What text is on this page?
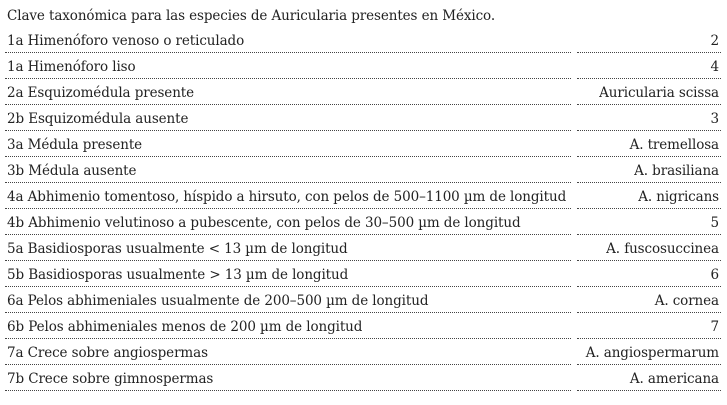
Clave taxonómica para las especies de Auricularia presentes en México.
1a Himenóforo venoso o reticulado	2
1a Himenóforo liso	4
2a Esquizomédula presente	Auricularia scissa
2b Esquizomédula ausente	3
3a Médula presente	A. tremellosa
3b Médula ausente	A. brasiliana
4a Abhimenio tomentoso, híspido a hirsuto, con pelos de 500–1100 µm de longitud	A. nigricans
4b Abhimenio velutinoso a pubescente, con pelos de 30–500 µm de longitud	5
5a Basidiosporas usualmente < 13 µm de longitud	A. fuscosuccinea
5b Basidiosporas usualmente > 13 µm de longitud	6
6a Pelos abhimeniales usualmente de 200–500 µm de longitud	A. cornea
6b Pelos abhimeniales menos de 200 µm de longitud	7
7a Crece sobre angiospermas	A. angiospermarum
7b Crece sobre gimnospermas	A. americana
